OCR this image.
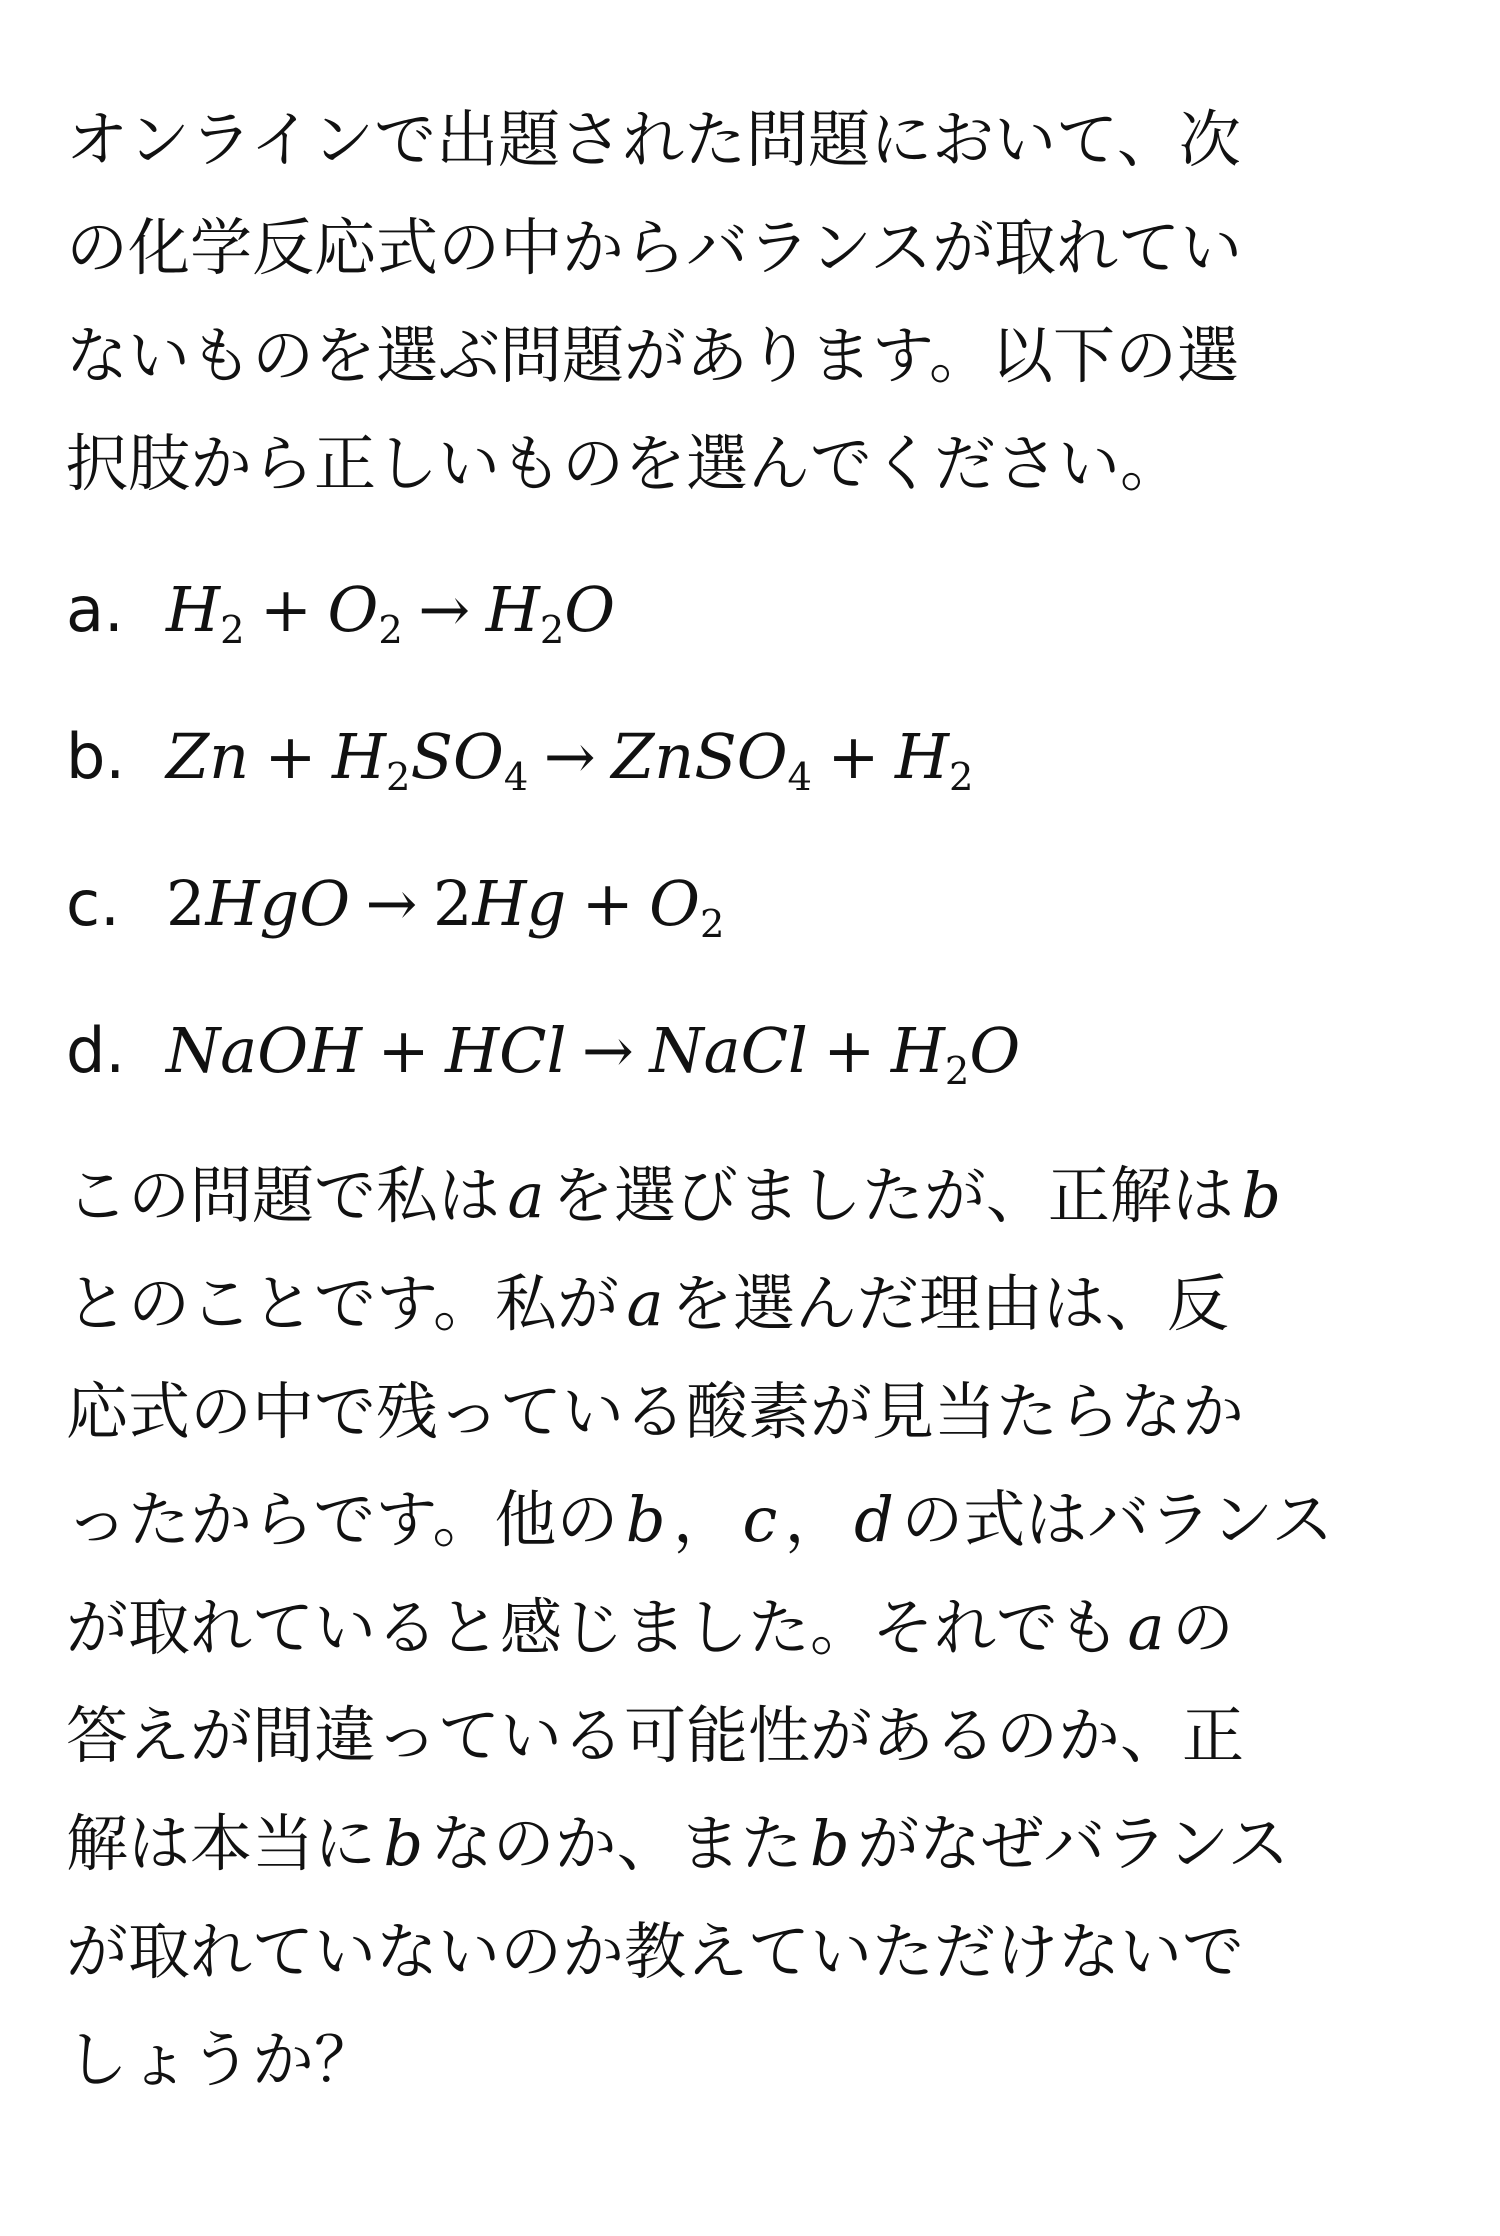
オンラインで出題された問題において、次
の化学反応式の中からバランスが取れてい
ないものを選ぶ問題があります。以下の選
択肢から正しいものを選んでください。

a. H2 + O2 → H2O
b. Zn + H2SO4 → ZnSO4 + H2
c. 2HgO → 2Hg + O2
d. NaOH + HCl → NaCl + H2O

この問題で私は a を選びましたが、正解は b
とのことです。私が a を選んだ理由は、反
応式の中で残っている酸素が見当たらなか
ったからです。他の b ， c ， d の式はバランス
が取れていると感じました。それでも a の
答えが間違っている可能性があるのか、正
解は本当に b なのか、また b がなぜバランス
が取れていないのか教えていただけないで
しょうか？
